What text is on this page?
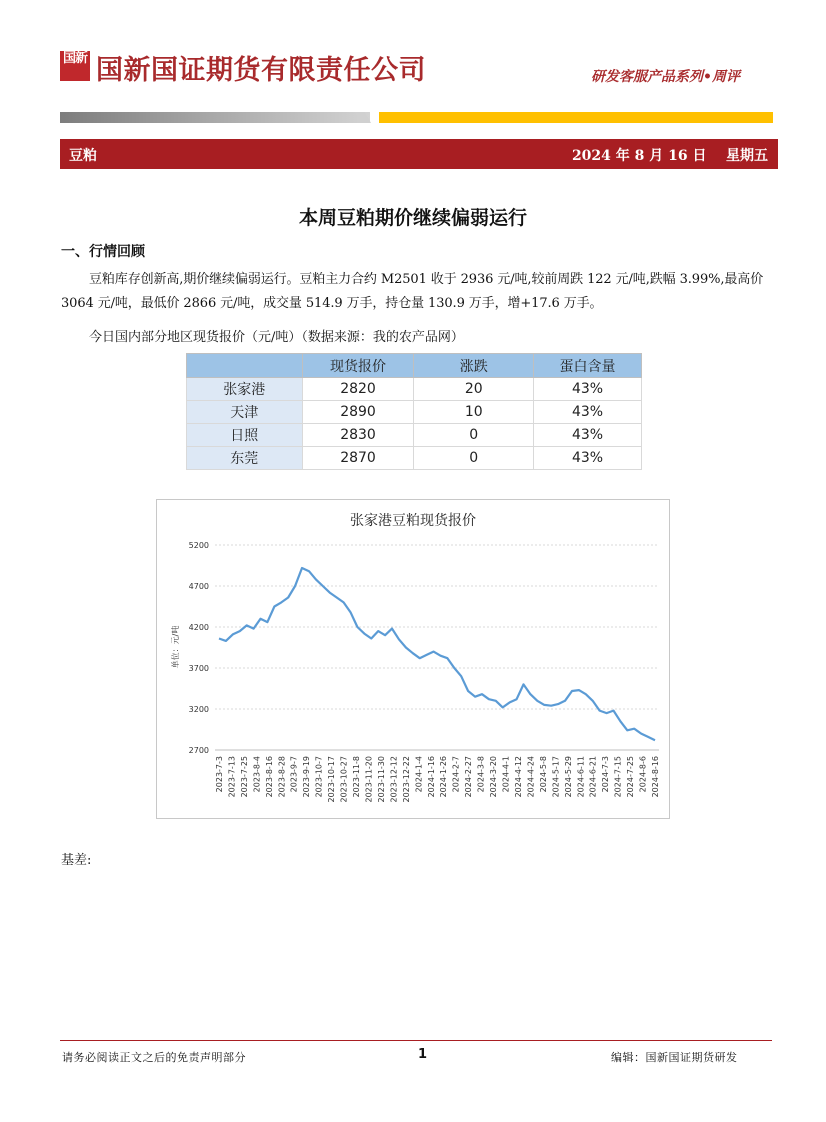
国新 国新国证期货有限责任公司	研发客服产品系列•周评
豆粕	2024 年 8 月 16 日    星期五
本周豆粕期价继续偏弱运行
一、行情回顾
豆粕库存创新高,期价继续偏弱运行。豆粕主力合约 M2501 收于 2936 元/吨,较前周跌 122 元/吨,跌幅 3.99%,最高价 3064 元/吨，最低价 2866 元/吨，成交量 514.9 万手，持仓量 130.9 万手，增+17.6 万手。
今日国内部分地区现货报价（元/吨）（数据来源：我的农产品网）
	现货报价	涨跌	蛋白含量
张家港	2820	20	43%
天津	2890	10	43%
日照	2830	0	43%
东莞	2870	0	43%
张家港豆粕现货报价
单位：元/吨
2700
3200
3700
4200
4700
5200
2023-7-3 2023-7-13 2023-7-25 2023-8-4 2023-8-16 2023-8-28 2023-9-7 2023-9-19 2023-10-7 2023-10-17 2023-10-27 2023-11-8 2023-11-20 2023-11-30 2023-12-12 2023-12-22 2024-1-4 2024-1-16 2024-1-26 2024-2-7 2024-2-27 2024-3-8 2024-3-20 2024-4-1 2024-4-12 2024-4-24 2024-5-8 2024-5-17 2024-5-29 2024-6-11 2024-6-21 2024-7-3 2024-7-15 2024-7-25 2024-8-6 2024-8-16
基差:
请务必阅读正文之后的免责声明部分	1	编辑：国新国证期货研发
